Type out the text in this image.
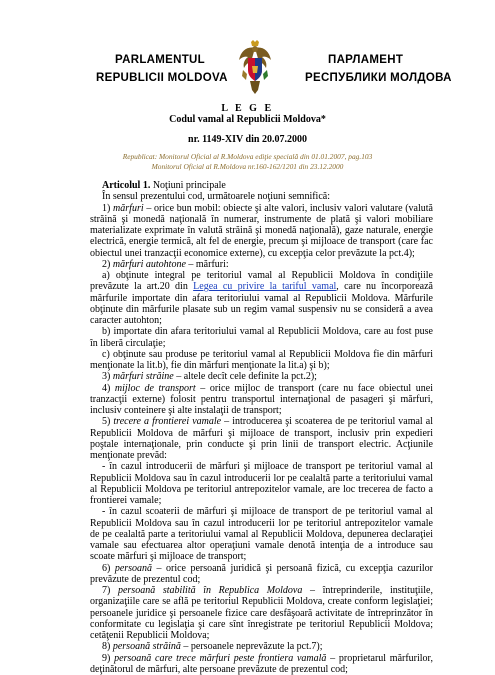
PARLAMENTUL
REPUBLICII MOLDOVA
ПАРЛАМЕНТ
РЕСПУБЛИКИ МОЛДОВА
L E G E
Codul vamal al Republicii Moldova*
nr. 1149-XIV din 20.07.2000
Republicat: Monitorul Oficial al R.Moldova ediţie specială din 01.01.2007, pag.103
Monitorul Oficial al R.Moldova nr.160-162/1201 din 23.12.2000

Articolul 1. Noţiuni principale

În sensul prezentului cod, următoarele noţiuni semnifică:

1) mărfuri – orice bun mobil: obiecte şi alte valori, inclusiv valori valutare (valută străină şi monedă naţională în numerar, instrumente de plată şi valori mobiliare materializate exprimate în valută străină şi monedă naţională), gaze naturale, energie electrică, energie termică, alt fel de energie, precum şi mijloace de transport (care fac obiectul unei tranzacţii economice externe), cu excepţia celor prevăzute la pct.4);

2) mărfuri autohtone – mărfuri:

a) obţinute integral pe teritoriul vamal al Republicii Moldova în condiţiile prevăzute la art.20 din Legea cu privire la tariful vamal, care nu încorporează mărfurile importate din afara teritoriului vamal al Republicii Moldova. Mărfurile obţinute din mărfurile plasate sub un regim vamal suspensiv nu se consideră a avea caracter autohton;

b) importate din afara teritoriului vamal al Republicii Moldova, care au fost puse în liberă circulaţie;

c) obţinute sau produse pe teritoriul vamal al Republicii Moldova fie din mărfuri menţionate la lit.b), fie din mărfuri menţionate la lit.a) şi b);

3) mărfuri străine – altele decît cele definite la pct.2);

4) mijloc de transport – orice mijloc de transport (care nu face obiectul unei tranzacţii externe) folosit pentru transportul internaţional de pasageri şi mărfuri, inclusiv conteinere şi alte instalaţii de transport;

5) trecere a frontierei vamale – introducerea şi scoaterea de pe teritoriul vamal al Republicii Moldova de mărfuri şi mijloace de transport, inclusiv prin expedieri poştale internaţionale, prin conducte şi prin linii de transport electric. Acţiunile menţionate prevăd:

- în cazul introducerii de mărfuri şi mijloace de transport pe teritoriul vamal al Republicii Moldova sau în cazul introducerii lor pe cealaltă parte a teritoriului vamal al Republicii Moldova pe teritoriul antrepozitelor vamale, are loc trecerea de facto a frontierei vamale;

- în cazul scoaterii de mărfuri şi mijloace de transport de pe teritoriul vamal al Republicii Moldova sau în cazul introducerii lor pe teritoriul antrepozitelor vamale de pe cealaltă parte a teritoriului vamal al Republicii Moldova, depunerea declaraţiei vamale sau efectuarea altor operaţiuni vamale denotă intenţia de a introduce sau scoate mărfuri şi mijloace de transport;

6) persoană – orice persoană juridică şi persoană fizică, cu excepţia cazurilor prevăzute de prezentul cod;

7) persoană stabilită în Republica Moldova – întreprinderile, instituţiile, organizaţiile care se află pe teritoriul Republicii Moldova, create conform legislaţiei; persoanele juridice şi persoanele fizice care desfăşoară activitate de întreprinzător în conformitate cu legislaţia şi care sînt înregistrate pe teritoriul Republicii Moldova; cetăţenii Republicii Moldova;

8) persoană străină – persoanele neprevăzute la pct.7);

9) persoană care trece mărfuri peste frontiera vamală – proprietarul mărfurilor, deţinătorul de mărfuri, alte persoane prevăzute de prezentul cod;
